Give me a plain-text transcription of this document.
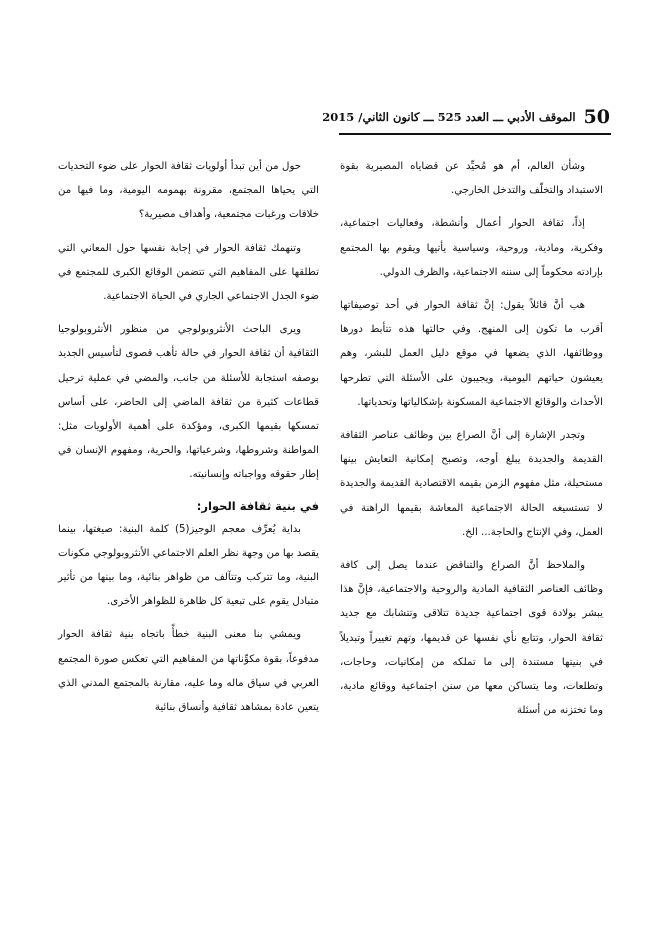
50
الموقف الأدبي ـــ العدد 525 ـــ كانون الثاني/ 2015

وشأن العالم، أم هو مُحيِّد عن قضاياه المصيرية بقوة الاستبداد والتخلّف والتدخل الخارجي.

إذاً، ثقافة الحوار أعمال وأنشطة، وفعاليات اجتماعية، وفكرية، ومادية، وروحية، وسياسية يأتيها ويقوم بها المجتمع بإرادته محكوماً إلى سننه الاجتماعية، والظرف الدولي.

هب أنَّ قائلاً يقول: إنَّ ثقافة الحوار في أحد توصيفاتها أقرب ما تكون إلى المنهج. وفي حالتها هذه تتأبط دورها ووظائفها، الذي يضعها في موقع دليل العمل للبشر، وهم يعيشون حياتهم اليومية، ويجيبون على الأسئلة التي تطرحها الأحداث والوقائع الاجتماعية المسكونة بإشكالياتها وتحدياتها.

وتجدر الإشارة إلى أنَّ الصراع بين وظائف عناصر الثقافة القديمة والجديدة يبلغ أوجه، وتصبح إمكانية التعايش بينها مستحيلة، مثل مفهوم الزمن بقيمه الاقتصادية القديمة والجديدة لا تستسيغه الحالة الاجتماعية المعاشة بقيمها الراهنة في العمل، وفي الإنتاج والحاجة... الخ.

والملاحظ أنَّ الصراع والتناقض عندما يصل إلى كافة وظائف العناصر الثقافية المادية والروحية والاجتماعية، فإنَّ هذا يبشر بولادة قوى اجتماعية جديدة تتلاقى وتتشابك مع جديد ثقافة الحوار، وتتابع نأي نفسها عن قديمها، وتهم تغييراً وتبديلاً في بنيتها مستندة إلى ما تملكه من إمكانيات، وحاجات، وتطلعات، وما يتساكن معها من سنن اجتماعية ووقائع مادية، وما تختزنه من أسئلة

حول من أين تبدأ أولويات ثقافة الحوار على ضوء التحديات التي يحياها المجتمع، مقرونة بهمومه اليومية، وما فيها من خلافات ورغبات مجتمعية، وأهداف مصيرية؟

وتنهمك ثقافة الحوار في إجابة نفسها حول المعاني التي تطلقها على المفاهيم التي تتضمن الوقائع الكبرى للمجتمع في ضوء الجدل الاجتماعي الجاري في الحياة الاجتماعية.

ويرى الباحث الأنثروبولوجي من منظور الأنثروبولوجيا الثقافية أن ثقافة الحوار في حالة تأهب قصوى لتأسيس الجديد بوصفه استجابة للأسئلة من جانب، والمضي في عملية ترحيل قطاعات كثيرة من ثقافة الماضي إلى الحاضر، على أساس تمسكها بقيمها الكبرى، ومؤكدة على أهمية الأولويات مثل: المواطنة وشروطها، وشرعياتها، والحرية، ومفهوم الإنسان في إطار حقوقه وواجباته وإنسانيته.

في بنية ثقافة الحوار:

بداية يُعرِّف معجم الوجيز(5) كلمة البنية: صيغتها، بينما يقصد بها من وجهة نظر العلم الاجتماعي الأنثروبولوجي مكونات البنية، وما تتركب وتتآلف من ظواهر بنائية، وما بينها من تأثير متبادل يقوم على تبعية كل ظاهرة للظواهر الأخرى.

ويمشي بنا معنى البنية خطأً باتجاه بنية ثقافة الحوار مدفوعاً، بقوة مكوِّناتها من المفاهيم التي تعكس صورة المجتمع العربي في سياق ماله وما عليه، مقارنة بالمجتمع المدني الذي يتعين عادة بمشاهد ثقافية وأنساق بنائية
